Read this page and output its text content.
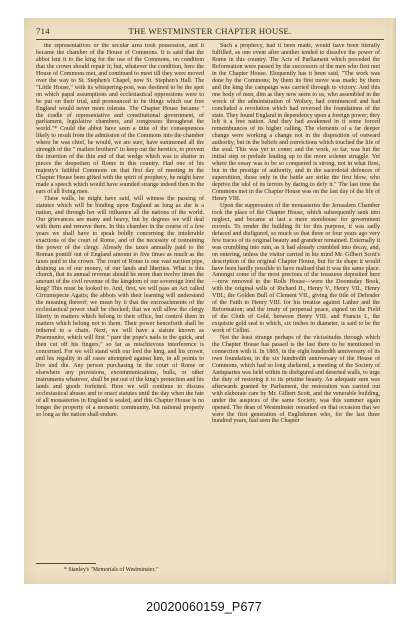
714	THE WESTMINSTER CHAPTER HOUSE.

the representatives or the secular area took possession, and it became the chamber of the House of Commons. It is said that the abbot lent it to the king for the use of the Commons, on condition that the crown should repair it; but, whatever the condition, here the House of Commons met, and continued to meet till they were moved over the way to St. Stephen's Chapel, now St. Stephen's Hall. The "Little House," with its whispering-post, was destined to be the spot on which papal assumptions and ecclesiastical oppressions were to be put on their trial, and pronounced to be things which our free England would never more tolerate. The Chapter House became " the cradle of representative and constitutional government, of parliament, legislative chambers, and congresses throughout the world."* Could the abbot have seen a tithe of the consequences likely to result from the admission of the Commons into the chamber where he was chief, he would, we are sure, have summoned all the strength of the " mailers brothers" to keep out the heretics, to prevent the insertion of the thin end of that wedge which was to shatter in pieces the despotism of Rome in this country. Had one of his majesty's faithful Commons on that first day of meeting in the Chapter House been gifted with the spirit of prophecy, he might have made a speech which would have sounded strange indeed then in the ears of all living men.

These walls, he might have said, will witness the passing of statutes which will be binding upon England as long as she is a nation, and through her will influence all the nations of the world. Our grievances are many and heavy, but by degrees we will deal with them and remove them. In this chamber in the course of a few years we shall have to speak boldly concerning the intolerable exactions of the court of Rome, and of the necessity of restraining the power of the clergy. Already the taxes annually paid to the Roman pontiff out of England amount to five times as much as the taxes paid to the crown. The court of Rome is one vast suction pipe, draining us of our money, of our lands and liberties. What is this church, that its annual revenue should be more than twelve times the amount of the civil revenue of the kingdom of our sovereign lord the king? This must be looked to. And, first, we will pass an Act called Circumspecte Agatis; the abbots with their learning will understand the meaning thereof; we mean by it that the encroachments of the ecclesiastical power shall be checked; that we will allow the clergy liberty in matters which belong to their office, but control them in matters which belong not to them. Their power henceforth shall be tethered to a chain. Next, we will have a statute known as Praemunire, which will first " pare the pope's nails to the quick, and then cut off his fingers," so far as mischievous interference is concerned. For we will stand with our lord the king, and his crown, and his regality in all cases attempted against him, in all points to live and die. Any person purchasing in the court of Rome or elsewhere any provisions, excommunications, bulls, or other instruments whatever, shall be put out of the king's protection and his lands and goods forfeited. Here we will continue to discuss ecclesiastical abuses and to enact statutes until the day when the fate of all monasteries in England is sealed, and this Chapter House is no longer the property of a monastic community, but national property so long as the nation shall endure.

Such a prophecy, had it been made, would have been literally fulfilled, as one event after another tended to dissolve the power of Rome in this country. The Acts of Parliament which preceded the Reformation were passed by the successors of the men who first met in the Chapter House. Eloquently has it been said, "The work was done by the Commons; by them its first move was made; by them and the king the campaign was carried through to victory. And this one body of men, dim as they now seem to us, who assembled in the wreck of the administration of Wolsey, had commenced and had concluded a revolution which had reversed the foundations of the state. They found England in dependency upon a foreign power; they left it a free nation. And they had awakened in it some forced remembrances of its higher calling. The elements of a far deeper change were working a change not in the disposition of outward authority, but in the beliefs and convictions which touched the life of the soul. This was yet to come; and the work, so far, was but the initial step or prelude leading up to the more solemn struggle. Yet where the essay was to be so conquered is strong, not in what fires, but in the prestige of authority, and in the sacerdotal defences of superstition, those only in the battle are strike the first blow, who deprive the idol of its terrors by daring to defy it." The last time the Commons met in the Chapter House was on the last day of the life of Henry VIII.

Upon the suppression of the monasteries the Jerusalem Chamber took the place of the Chapter House, which subsequently sank into neglect, and became at last a mere storehouse for government records. To render the building fit for this purpose, it was sadly defaced and disfigured, so much so that three or four years ago very few traces of its original beauty and grandeur remained. Externally it was crumbling into ruin, as it had already crumbled into decay, and, on entering, unless the visitor carried in his mind Mr. Gilbert Scott's description of the original Chapter House, but for its shape it would have been hardly possible to have realised that it was the same place. Amongst some of the most precious of the treasures deposited here—now removed to the Rolls House—were the Doomsday Book, with the original wills of Richard II., Henry V., Henry VII., Henry VIII.; the Golden Bull of Clement VII., giving the title of Defender of the Faith to Henry VIII. for his treatise against Luther and the Reformation; and the treaty of perpetual peace, signed on the Field of the Cloth of Gold, between Henry VIII. and Francis I., the exquisite gold seal to which, six inches in diameter, is said to be the work of Cellini.

Not the least strange perhaps of the vicissitudes through which the Chapter House has passed is the last there to be mentioned in connection with it. In 1865, in the eight hundredth anniversary of its own foundation, in the six hundredth anniversary of the House of Commons, which had so long sheltered, a meeting of the Society of Antiquaries was held within its disfigured and deserted walls, to urge the duty of restoring it to its pristine beauty. An adequate sum was afterwards granted by Parliament, the restoration was carried out with elaborate care by Mr. Gilbert Scott, and the venerable building, under the auspices of the same Society, was this summer again opened. The dean of Westminster remarked on that occasion that we were the first generation of Englishmen who, for the last three hundred years, had seen the Chapter

* Stanley's "Memorials of Westminster."
20020060159_P677
